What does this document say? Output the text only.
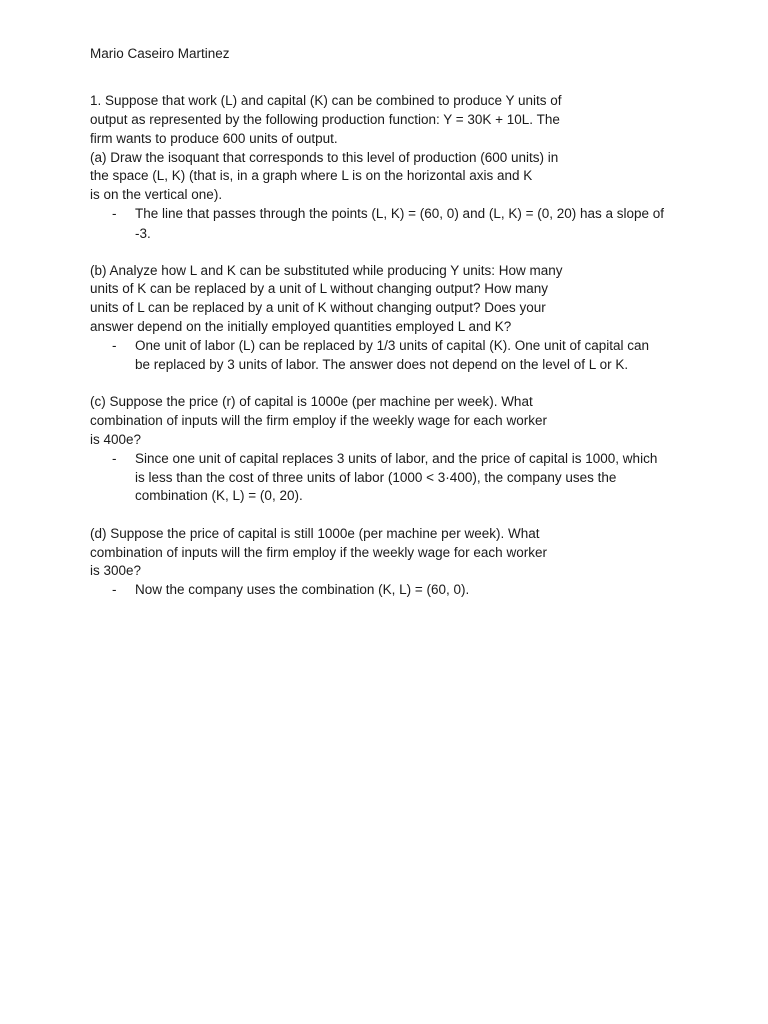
Mario Caseiro Martinez
1. Suppose that work (L) and capital (K) can be combined to produce Y units of
output as represented by the following production function: Y = 30K + 10L. The
firm wants to produce 600 units of output.
(a) Draw the isoquant that corresponds to this level of production (600 units) in
the space (L, K) (that is, in a graph where L is on the horizontal axis and K
is on the vertical one).
- The line that passes through the points (L, K) = (60, 0) and (L, K) = (0, 20) has a slope of
-3.
(b) Analyze how L and K can be substituted while producing Y units: How many
units of K can be replaced by a unit of L without changing output? How many
units of L can be replaced by a unit of K without changing output? Does your
answer depend on the initially employed quantities employed L and K?
- One unit of labor (L) can be replaced by 1/3 units of capital (K). One unit of capital can
be replaced by 3 units of labor. The answer does not depend on the level of L or K.
(c) Suppose the price (r) of capital is 1000e (per machine per week). What
combination of inputs will the firm employ if the weekly wage for each worker
is 400e?
- Since one unit of capital replaces 3 units of labor, and the price of capital is 1000, which
is less than the cost of three units of labor (1000 < 3·400), the company uses the
combination (K, L) = (0, 20).
(d) Suppose the price of capital is still 1000e (per machine per week). What
combination of inputs will the firm employ if the weekly wage for each worker
is 300e?
- Now the company uses the combination (K, L) = (60, 0).
